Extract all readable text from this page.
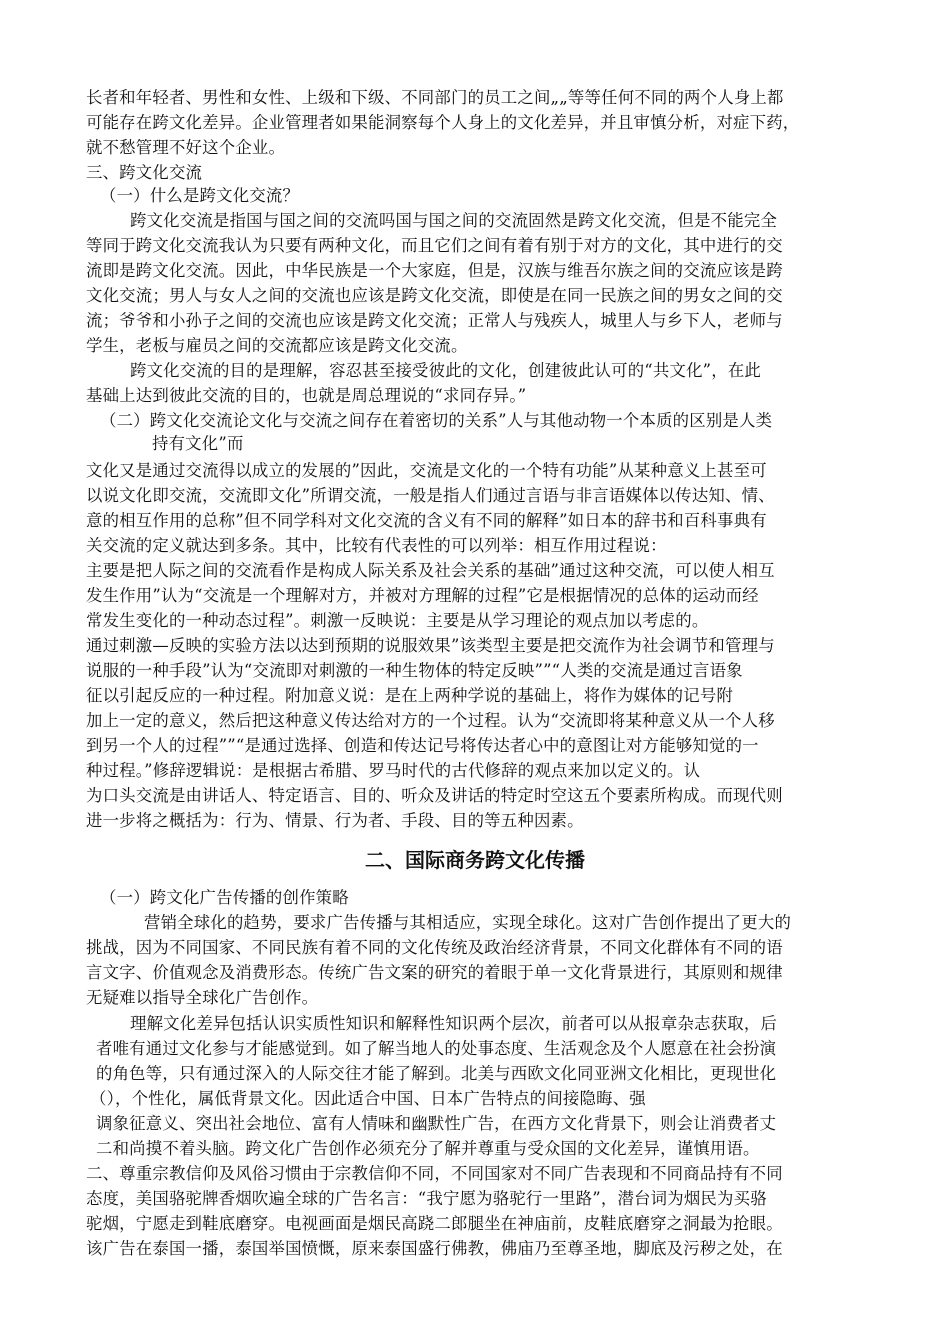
长者和年轻者、男性和女性、上级和下级、不同部门的员工之间„„等等任何不同的两个人身上都
可能存在跨文化差异。企业管理者如果能洞察每个人身上的文化差异，并且审慎分析，对症下药，
就不愁管理不好这个企业。
三、跨文化交流
（一）什么是跨文化交流？
跨文化交流是指国与国之间的交流吗国与国之间的交流固然是跨文化交流，但是不能完全
等同于跨文化交流我认为只要有两种文化，而且它们之间有着有别于对方的文化，其中进行的交
流即是跨文化交流。因此，中华民族是一个大家庭，但是，汉族与维吾尔族之间的交流应该是跨
文化交流；男人与女人之间的交流也应该是跨文化交流，即使是在同一民族之间的男女之间的交
流；爷爷和小孙子之间的交流也应该是跨文化交流；正常人与残疾人，城里人与乡下人，老师与
学生，老板与雇员之间的交流都应该是跨文化交流。
跨文化交流的目的是理解，容忍甚至接受彼此的文化，创建彼此认可的“共文化”，在此
基础上达到彼此交流的目的，也就是周总理说的“求同存异。”
（二）跨文化交流论文化与交流之间存在着密切的关系”人与其他动物一个本质的区别是人类
持有文化”而
文化又是通过交流得以成立的发展的”因此，交流是文化的一个特有功能”从某种意义上甚至可
以说文化即交流，交流即文化”所谓交流，一般是指人们通过言语与非言语媒体以传达知、情、
意的相互作用的总称”但不同学科对文化交流的含义有不同的解释”如日本的辞书和百科事典有
关交流的定义就达到多条。其中，比较有代表性的可以列举：相互作用过程说：
主要是把人际之间的交流看作是构成人际关系及社会关系的基础”通过这种交流，可以使人相互
发生作用”认为“交流是一个理解对方，并被对方理解的过程”它是根据情况的总体的运动而经
常发生变化的一种动态过程”。刺激一反映说：主要是从学习理论的观点加以考虑的。
通过刺激—反映的实验方法以达到预期的说服效果”该类型主要是把交流作为社会调节和管理与
说服的一种手段”认为“交流即对刺激的一种生物体的特定反映””“人类的交流是通过言语象
征以引起反应的一种过程。附加意义说：是在上两种学说的基础上，将作为媒体的记号附
加上一定的意义，然后把这种意义传达给对方的一个过程。认为“交流即将某种意义从一个人移
到另一个人的过程””“是通过选择、创造和传达记号将传达者心中的意图让对方能够知觉的一
种过程。”修辞逻辑说：是根据古希腊、罗马时代的古代修辞的观点来加以定义的。认
为口头交流是由讲话人、特定语言、目的、听众及讲话的特定时空这五个要素所构成。而现代则
进一步将之概括为：行为、情景、行为者、手段、目的等五种因素。
二、国际商务跨文化传播
（一）跨文化广告传播的创作策略
营销全球化的趋势，要求广告传播与其相适应，实现全球化。这对广告创作提出了更大的
挑战，因为不同国家、不同民族有着不同的文化传统及政治经济背景，不同文化群体有不同的语
言文字、价值观念及消费形态。传统广告文案的研究的着眼于单一文化背景进行，其原则和规律
无疑难以指导全球化广告创作。
理解文化差异包括认识实质性知识和解释性知识两个层次，前者可以从报章杂志获取，后
者唯有通过文化参与才能感觉到。如了解当地人的处事态度、生活观念及个人愿意在社会扮演
的角色等，只有通过深入的人际交往才能了解到。北美与西欧文化同亚洲文化相比，更现世化
（），个性化，属低背景文化。因此适合中国、日本广告特点的间接隐晦、强
调象征意义、突出社会地位、富有人情味和幽默性广告，在西方文化背景下，则会让消费者丈
二和尚摸不着头脑。跨文化广告创作必须充分了解并尊重与受众国的文化差异，谨慎用语。
二、尊重宗教信仰及风俗习惯由于宗教信仰不同，不同国家对不同广告表现和不同商品持有不同
态度，美国骆驼牌香烟吹遍全球的广告名言：“我宁愿为骆驼行一里路”，潜台词为烟民为买骆
驼烟，宁愿走到鞋底磨穿。电视画面是烟民高跷二郎腿坐在神庙前，皮鞋底磨穿之洞最为抢眼。
该广告在泰国一播，泰国举国愤慨，原来泰国盛行佛教，佛庙乃至尊圣地，脚底及污秽之处，在
